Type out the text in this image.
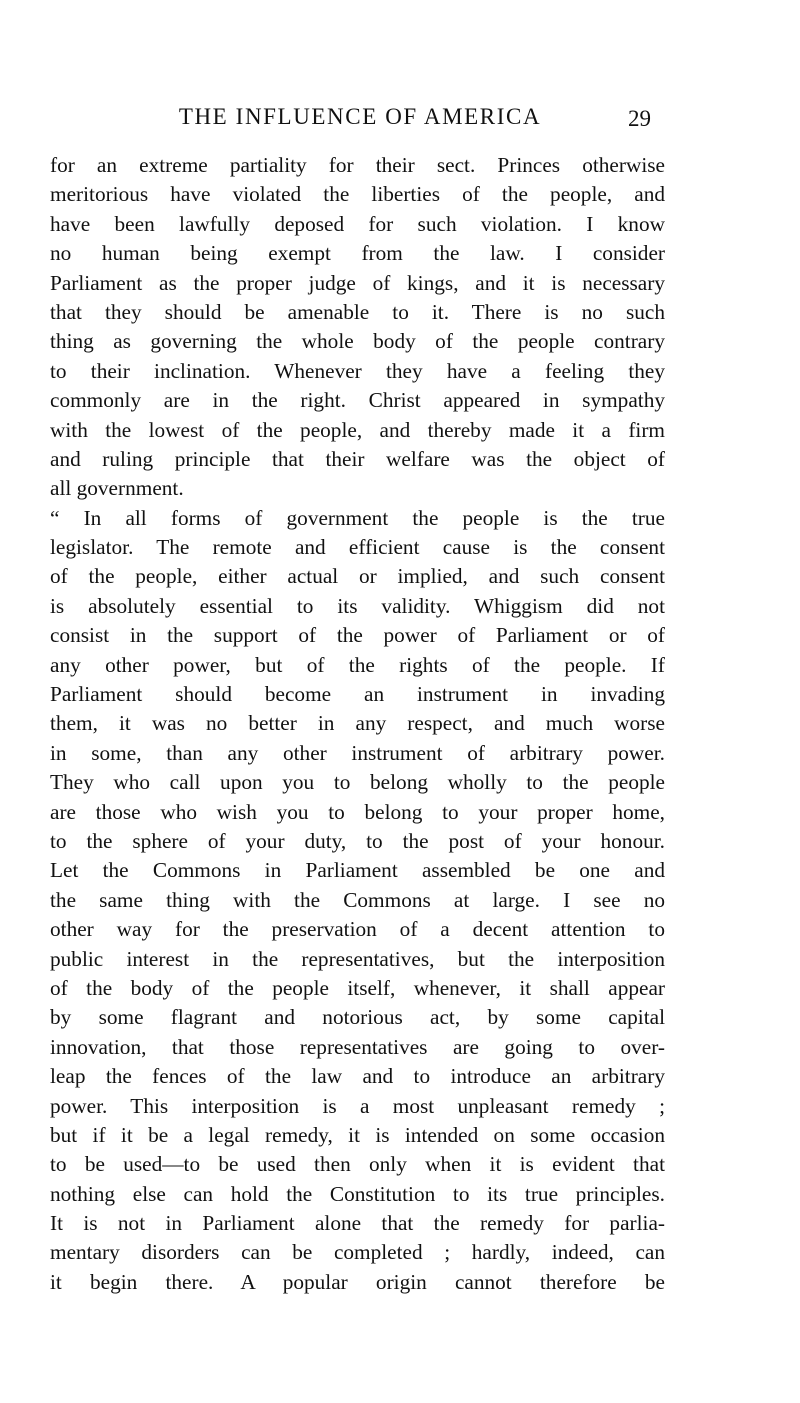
THE INFLUENCE OF AMERICA	29
for an extreme partiality for their sect. Princes otherwise
meritorious have violated the liberties of the people, and
have been lawfully deposed for such violation. I know
no human being exempt from the law. I consider
Parliament as the proper judge of kings, and it is necessary
that they should be amenable to it. There is no such
thing as governing the whole body of the people contrary
to their inclination. Whenever they have a feeling they
commonly are in the right. Christ appeared in sympathy
with the lowest of the people, and thereby made it a firm
and ruling principle that their welfare was the object of
all government.
“ In all forms of government the people is the true
legislator. The remote and efficient cause is the consent
of the people, either actual or implied, and such consent
is absolutely essential to its validity. Whiggism did not
consist in the support of the power of Parliament or of
any other power, but of the rights of the people. If
Parliament should become an instrument in invading
them, it was no better in any respect, and much worse
in some, than any other instrument of arbitrary power.
They who call upon you to belong wholly to the people
are those who wish you to belong to your proper home,
to the sphere of your duty, to the post of your honour.
Let the Commons in Parliament assembled be one and
the same thing with the Commons at large. I see no
other way for the preservation of a decent attention to
public interest in the representatives, but the interposition
of the body of the people itself, whenever, it shall appear
by some flagrant and notorious act, by some capital
innovation, that those representatives are going to over-
leap the fences of the law and to introduce an arbitrary
power. This interposition is a most unpleasant remedy ;
but if it be a legal remedy, it is intended on some occasion
to be used—to be used then only when it is evident that
nothing else can hold the Constitution to its true principles.
It is not in Parliament alone that the remedy for parlia-
mentary disorders can be completed ; hardly, indeed, can
it begin there. A popular origin cannot therefore be
